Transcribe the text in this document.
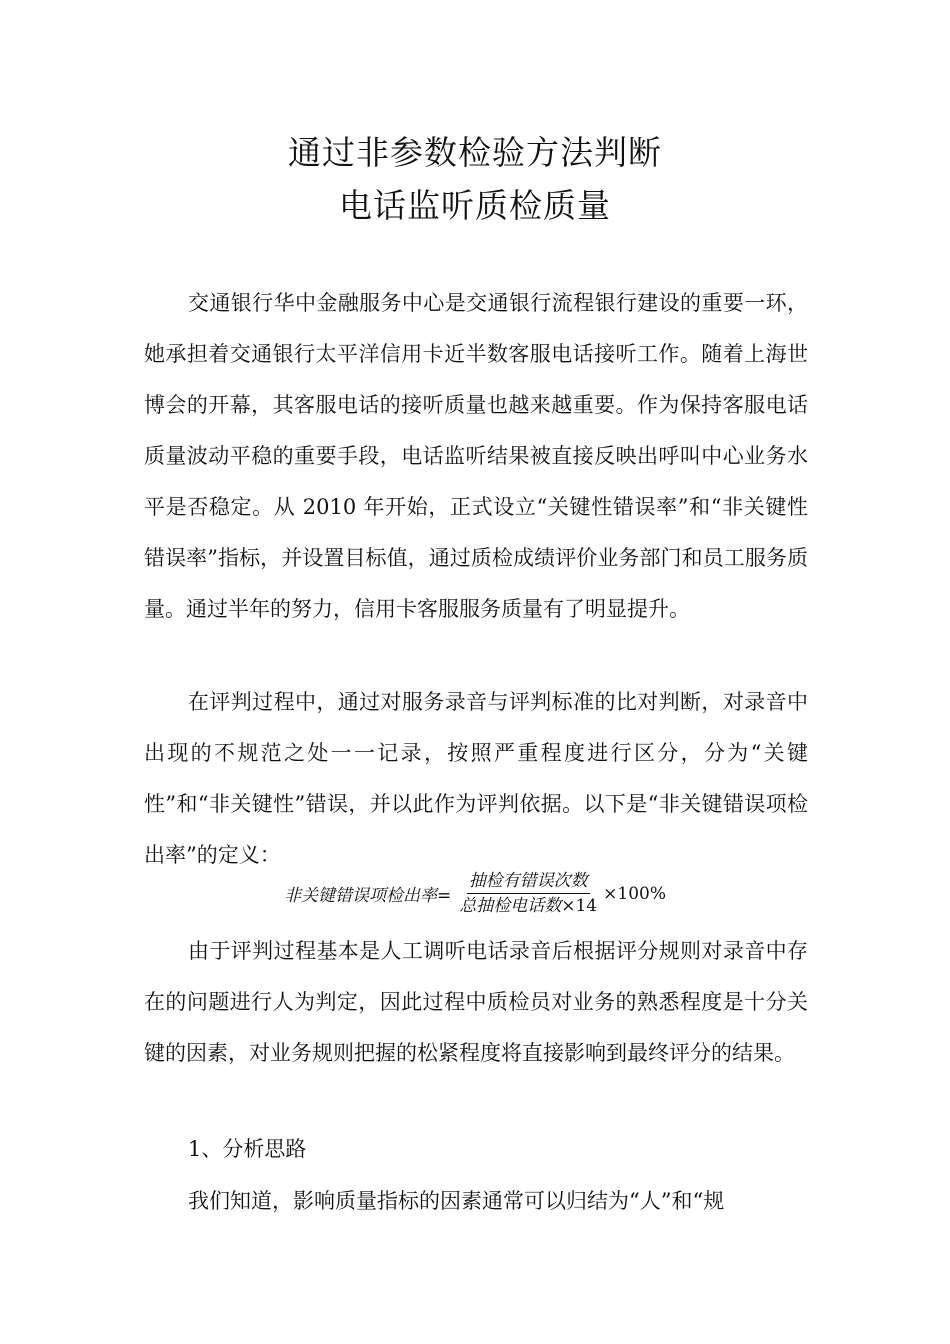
通过非参数检验方法判断
电话监听质检质量
交通银行华中金融服务中心是交通银行流程银行建设的重要一环，她承担着交通银行太平洋信用卡近半数客服电话接听工作。随着上海世博会的开幕，其客服电话的接听质量也越来越重要。作为保持客服电话质量波动平稳的重要手段，电话监听结果被直接反映出呼叫中心业务水平是否稳定。从 2010 年开始，正式设立“关键性错误率”和“非关键性错误率”指标，并设置目标值，通过质检成绩评价业务部门和员工服务质量。通过半年的努力，信用卡客服服务质量有了明显提升。
在评判过程中，通过对服务录音与评判标准的比对判断，对录音中出现的不规范之处一一记录，按照严重程度进行区分，分为“关键性”和“非关键性”错误，并以此作为评判依据。以下是“非关键错误项检出率”的定义：
非关键错误项检出率= $\frac{\text{抽检有错误次数}}{\text{总抽检电话数×14}} \times 100\%$
由于评判过程基本是人工调听电话录音后根据评分规则对录音中存在的问题进行人为判定，因此过程中质检员对业务的熟悉程度是十分关键的因素，对业务规则把握的松紧程度将直接影响到最终评分的结果。
1、分析思路
我们知道，影响质量指标的因素通常可以归结为“人”和“规
